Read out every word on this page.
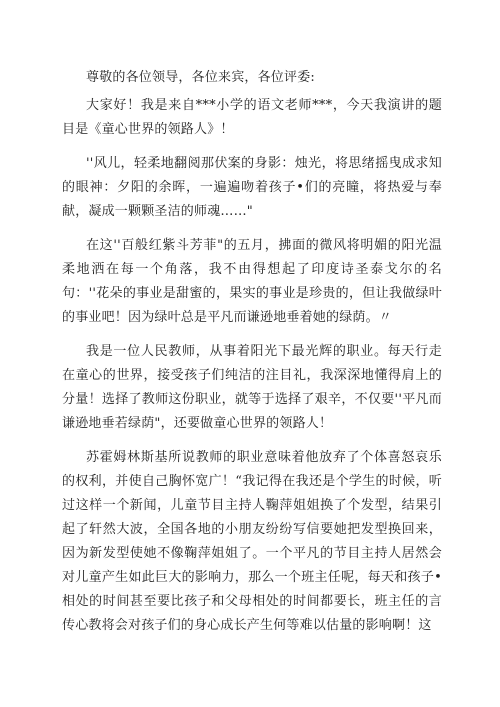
尊敬的各位领导，各位来宾，各位评委:

大家好！我是来自***小学的语文老师***，今天我演讲的题目是《童心世界的领路人》！

''风儿，轻柔地翻阅那伏案的身影：烛光，将思绪摇曳成求知的眼神：夕阳的余晖，一遍遍吻着孩子•们的亮瞳，将热爱与奉献，凝成一颗颗圣洁的师魂……"

在这''百般红紫斗芳菲"的五月，拂面的微风将明媚的阳光温柔地洒在每一个角落，我不由得想起了印度诗圣泰戈尔的名句：''花朵的事业是甜蜜的，果实的事业是珍贵的，但让我做绿叶的事业吧！因为绿叶总是平凡而谦逊地垂着她的绿荫。〃

我是一位人民教师，从事着阳光下最光辉的职业。每天行走在童心的世界，接受孩子们纯洁的注目礼，我深深地懂得肩上的分量！选择了教师这份职业，就等于选择了艰辛，不仅要''平凡而谦逊地垂若绿荫"，还要做童心世界的领路人！

苏霍姆林斯基所说教师的职业意味着他放弃了个体喜怒哀乐的权利，并使自己胸怀宽广！“我记得在我还是个学生的时候，听过这样一个新闻，儿童节目主持人鞠萍姐姐换了个发型，结果引起了轩然大波，全国各地的小朋友纷纷写信要她把发型换回来，因为新发型使她不像鞠萍姐姐了。一个平凡的节目主持人居然会对儿童产生如此巨大的影响力，那么一个班主任呢，每天和孩子•相处的时间甚至要比孩子和父母相处的时间都要长，班主任的言传心教将会对孩子们的身心成长产生何等难以估量的影响啊！这
